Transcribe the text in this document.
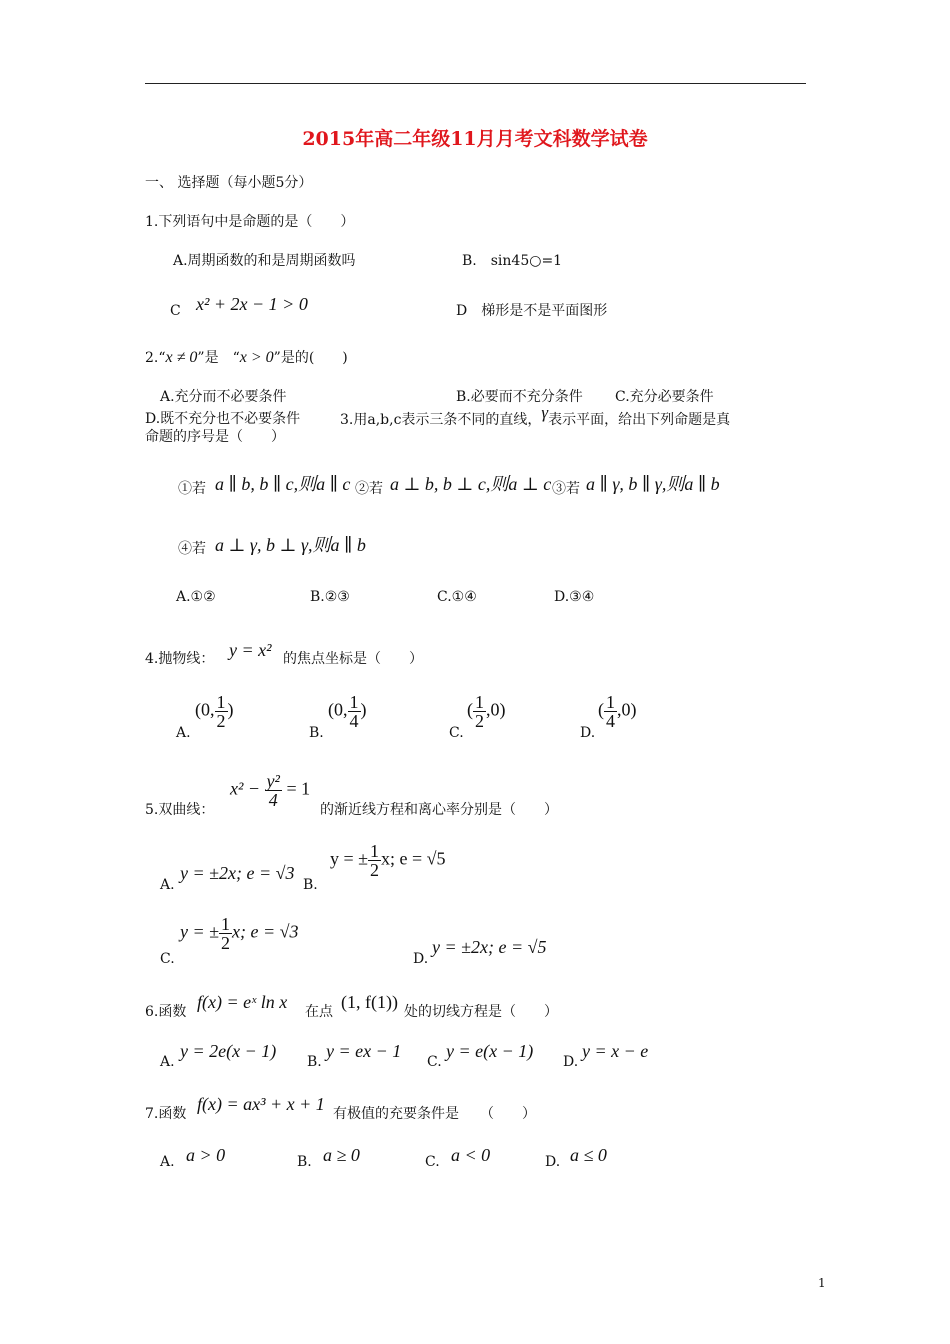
2015年高二年级11月月考文科数学试卷
一、 选择题（每小题5分）
1.下列语句中是命题的是（　　）
A.周期函数的和是周期函数吗	B.　sin45○=1
C x² + 2x − 1 > 0	D　梯形是不是平面图形
2.“x ≠ 0”是　“x > 0”是的(　　)
A.充分而不必要条件	B.必要而不充分条件 C.充分必要条件
D.既不充分也不必要条件	3.用a,b,c表示三条不同的直线，γ表示平面，给出下列命题是真
命题的序号是（　　）
①若 a ∥ b, b ∥ c,则a ∥ c ②若 a ⊥ b, b ⊥ c,则a ⊥ c ③若 a ∥ γ, b ∥ γ,则a ∥ b
④若 a ⊥ γ, b ⊥ γ,则a ∥ b
A.①②	B.②③	C.①④	D.③④
4.抛物线： y = x² 的焦点坐标是（　　）
A.
(0, $\frac{1}{2}$ )
B.
(0, $\frac{1}{4}$ )
C.
( $\frac{1}{2} ,0$)
D.
( $\frac{1}{4} ,0$)
5.双曲线：
$x^2 - \frac{\text{y²}}{4} = 1$
的渐近线方程和离心率分别是（　　）
A.
y = ±2x; e = √3
B.
y = ± $\frac{1}{2} x$; e = √5
C.
y = ± $\frac{1}{2} x$; e = √3
D.
y = ±2x; e = √5
6.函数 f(x) = eˣ ln x 在点 (1, f(1)) 处的切线方程是（　　）
A.
y = 2e(x − 1)
B.
y = ex − 1
C.
y = e(x − 1)
D.
y = x − e
7.函数 f(x) = ax³ + x + 1 有极值的充要条件是　　（　　）
A. a > 0	B. a ≥ 0	C. a < 0	D. a ≤ 0
1
